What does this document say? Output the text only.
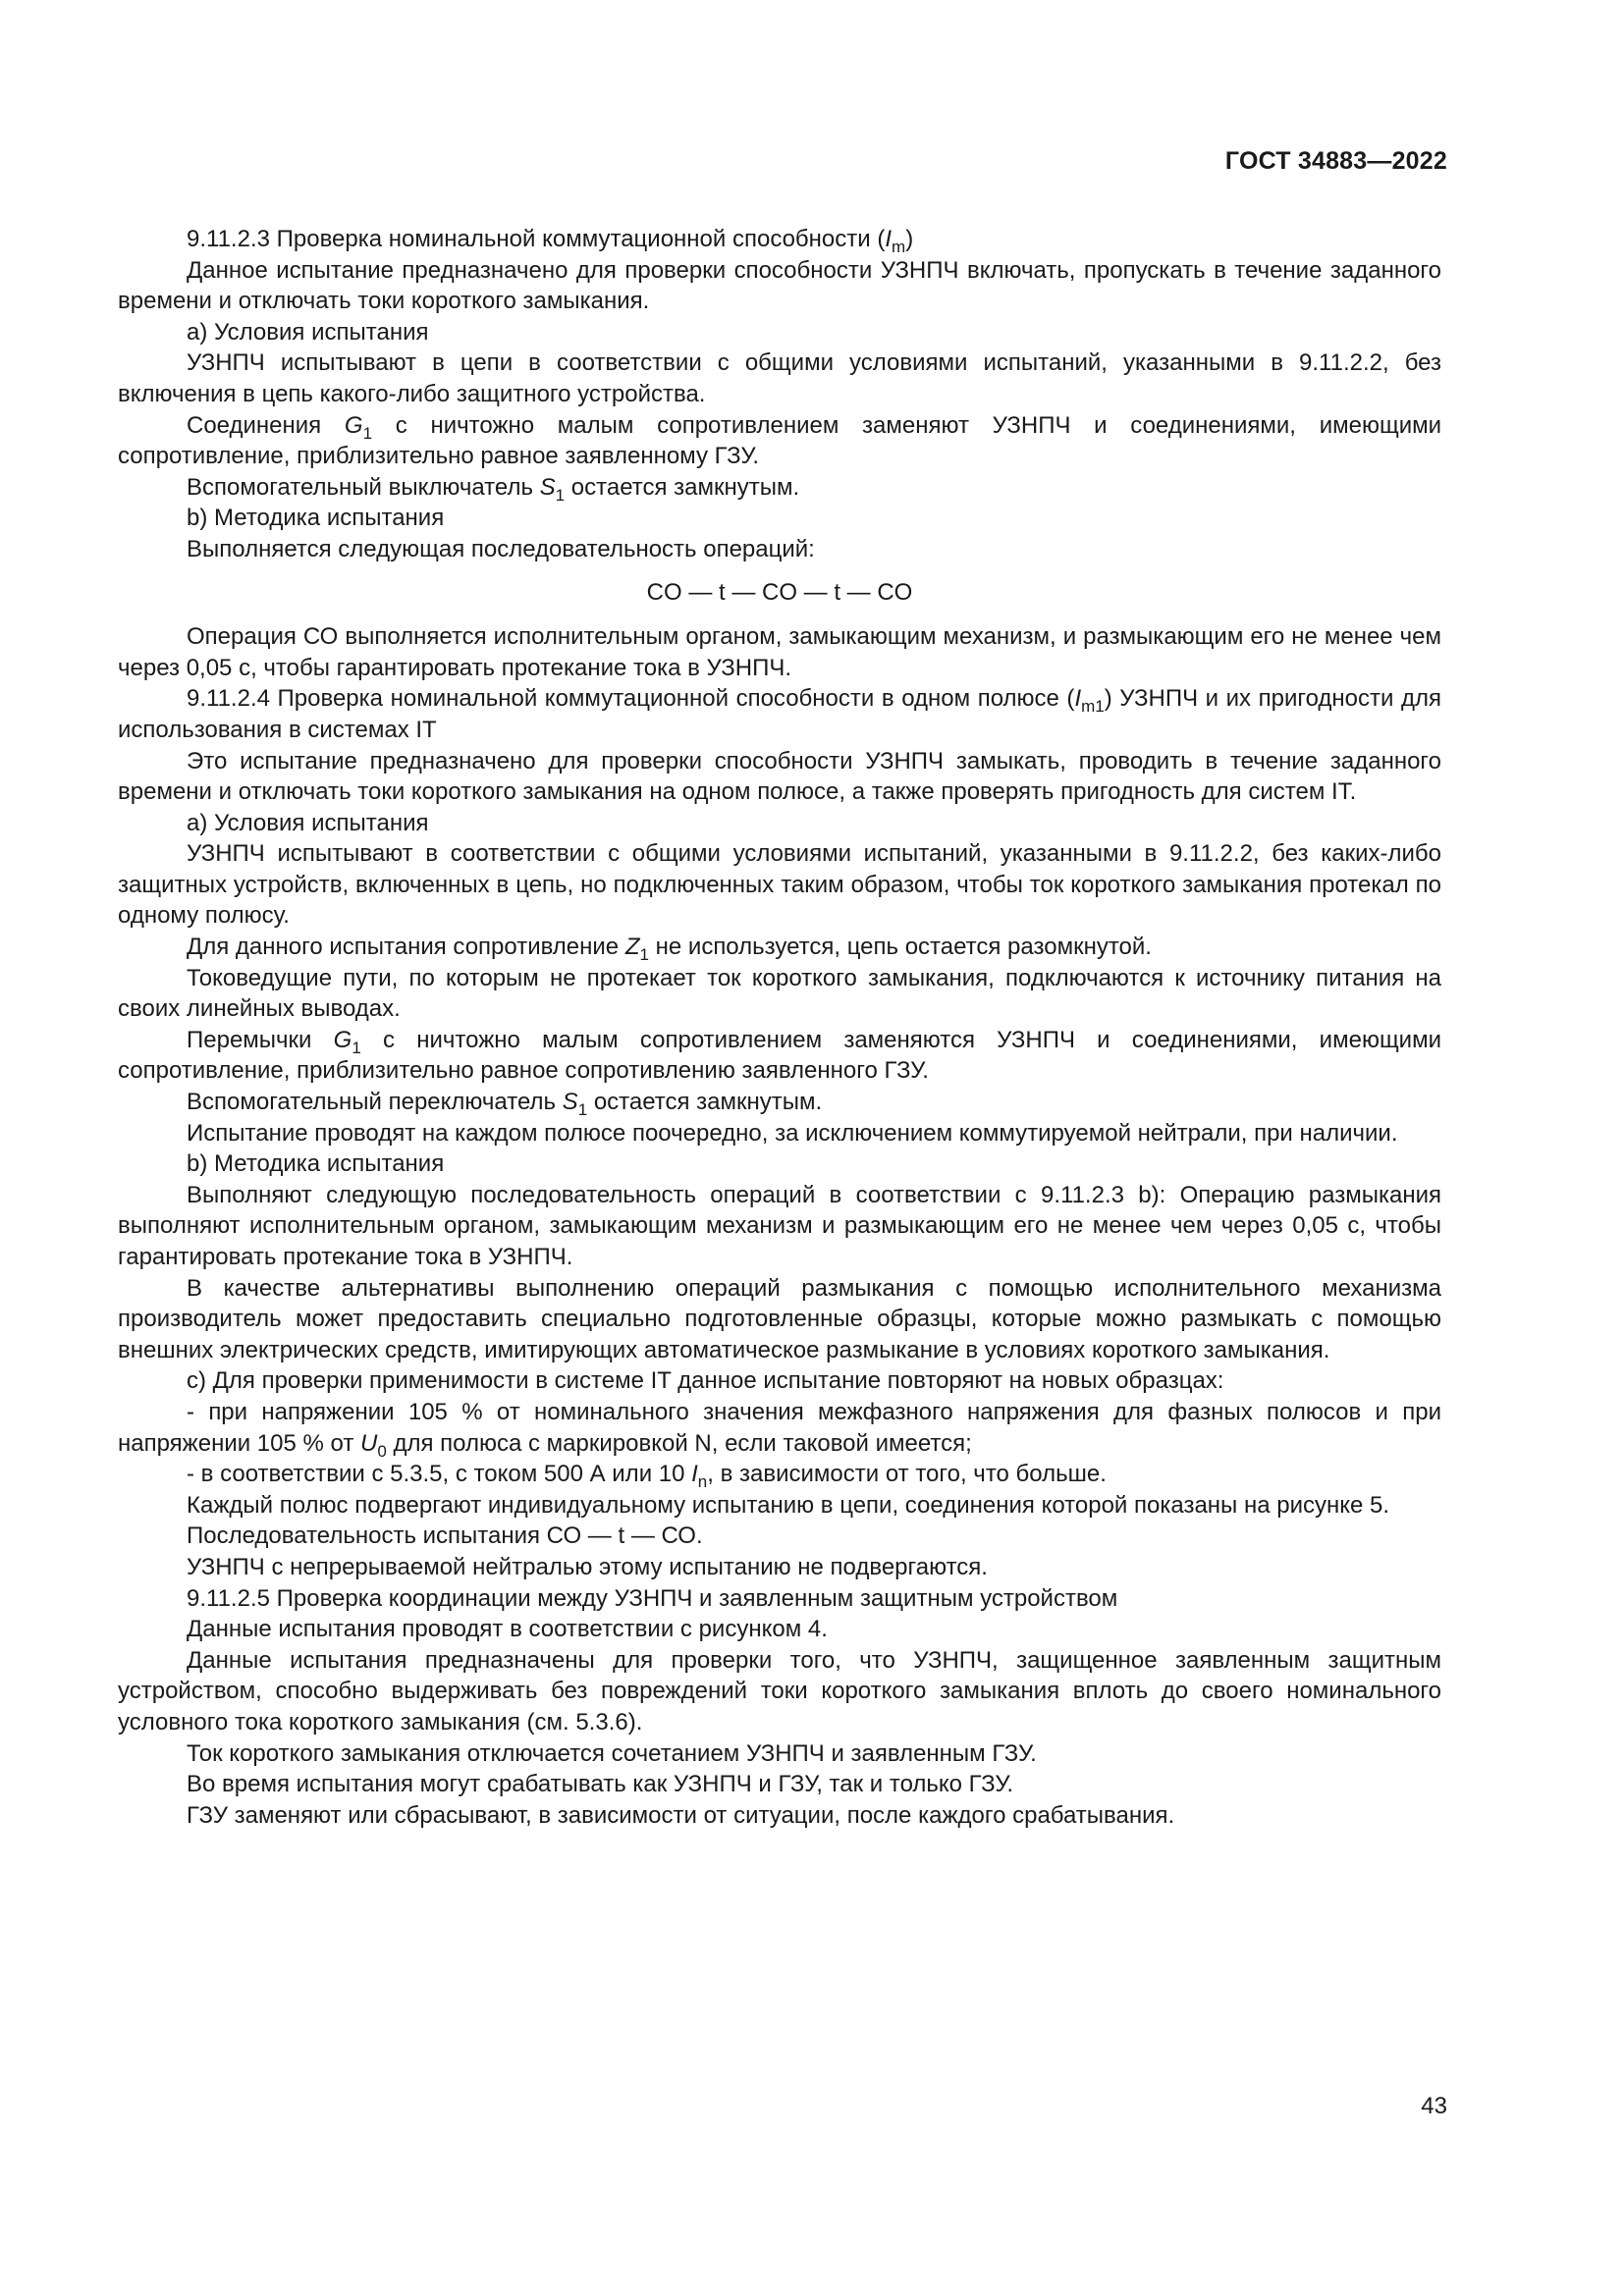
ГОСТ 34883—2022

9.11.2.3 Проверка номинальной коммутационной способности $(I_m)$

Данное испытание предназначено для проверки способности УЗНПЧ включать, пропускать в течение заданного времени и отключать токи короткого замыкания.

а) Условия испытания

УЗНПЧ испытывают в цепи в соответствии с общими условиями испытаний, указанными в 9.11.2.2, без включения в цепь какого-либо защитного устройства.

Соединения $G_1$ с ничтожно малым сопротивлением заменяют УЗНПЧ и соединениями, имеющими сопротивление, приблизительно равное заявленному ГЗУ.

Вспомогательный выключатель $S_1$ остается замкнутым.

b) Методика испытания

Выполняется следующая последовательность операций:

CO — t — CO — t — CO

Операция СО выполняется исполнительным органом, замыкающим механизм, и размыкающим его не менее чем через 0,05 с, чтобы гарантировать протекание тока в УЗНПЧ.

9.11.2.4 Проверка номинальной коммутационной способности в одном полюсе $(I_{m1})$ УЗНПЧ и их пригодности для использования в системах IT

Это испытание предназначено для проверки способности УЗНПЧ замыкать, проводить в течение заданного времени и отключать токи короткого замыкания на одном полюсе, а также проверять пригодность для систем IT.

а) Условия испытания

УЗНПЧ испытывают в соответствии с общими условиями испытаний, указанными в 9.11.2.2, без каких-либо защитных устройств, включенных в цепь, но подключенных таким образом, чтобы ток короткого замыкания протекал по одному полюсу.

Для данного испытания сопротивление $Z_1$ не используется, цепь остается разомкнутой.

Токоведущие пути, по которым не протекает ток короткого замыкания, подключаются к источнику питания на своих линейных выводах.

Перемычки $G_1$ с ничтожно малым сопротивлением заменяются УЗНПЧ и соединениями, имеющими сопротивление, приблизительно равное сопротивлению заявленного ГЗУ.

Вспомогательный переключатель $S_1$ остается замкнутым.

Испытание проводят на каждом полюсе поочередно, за исключением коммутируемой нейтрали, при наличии.

b) Методика испытания

Выполняют следующую последовательность операций в соответствии с 9.11.2.3 b): Операцию размыкания выполняют исполнительным органом, замыкающим механизм и размыкающим его не менее чем через 0,05 с, чтобы гарантировать протекание тока в УЗНПЧ.

В качестве альтернативы выполнению операций размыкания с помощью исполнительного механизма производитель может предоставить специально подготовленные образцы, которые можно размыкать с помощью внешних электрических средств, имитирующих автоматическое размыкание в условиях короткого замыкания.

с) Для проверки применимости в системе IT данное испытание повторяют на новых образцах:

- при напряжении 105 % от номинального значения межфазного напряжения для фазных полюсов и при напряжении 105 % от $U_0$ для полюса с маркировкой N, если таковой имеется;

- в соответствии с 5.3.5, с током 500 А или 10 $I_n$, в зависимости от того, что больше.

Каждый полюс подвергают индивидуальному испытанию в цепи, соединения которой показаны на рисунке 5.

Последовательность испытания СО — t — СО.

УЗНПЧ с непрерываемой нейтралью этому испытанию не подвергаются.

9.11.2.5 Проверка координации между УЗНПЧ и заявленным защитным устройством

Данные испытания проводят в соответствии с рисунком 4.

Данные испытания предназначены для проверки того, что УЗНПЧ, защищенное заявленным защитным устройством, способно выдерживать без повреждений токи короткого замыкания вплоть до своего номинального условного тока короткого замыкания (см. 5.3.6).

Ток короткого замыкания отключается сочетанием УЗНПЧ и заявленным ГЗУ.

Во время испытания могут срабатывать как УЗНПЧ и ГЗУ, так и только ГЗУ.

ГЗУ заменяют или сбрасывают, в зависимости от ситуации, после каждого срабатывания.

43
